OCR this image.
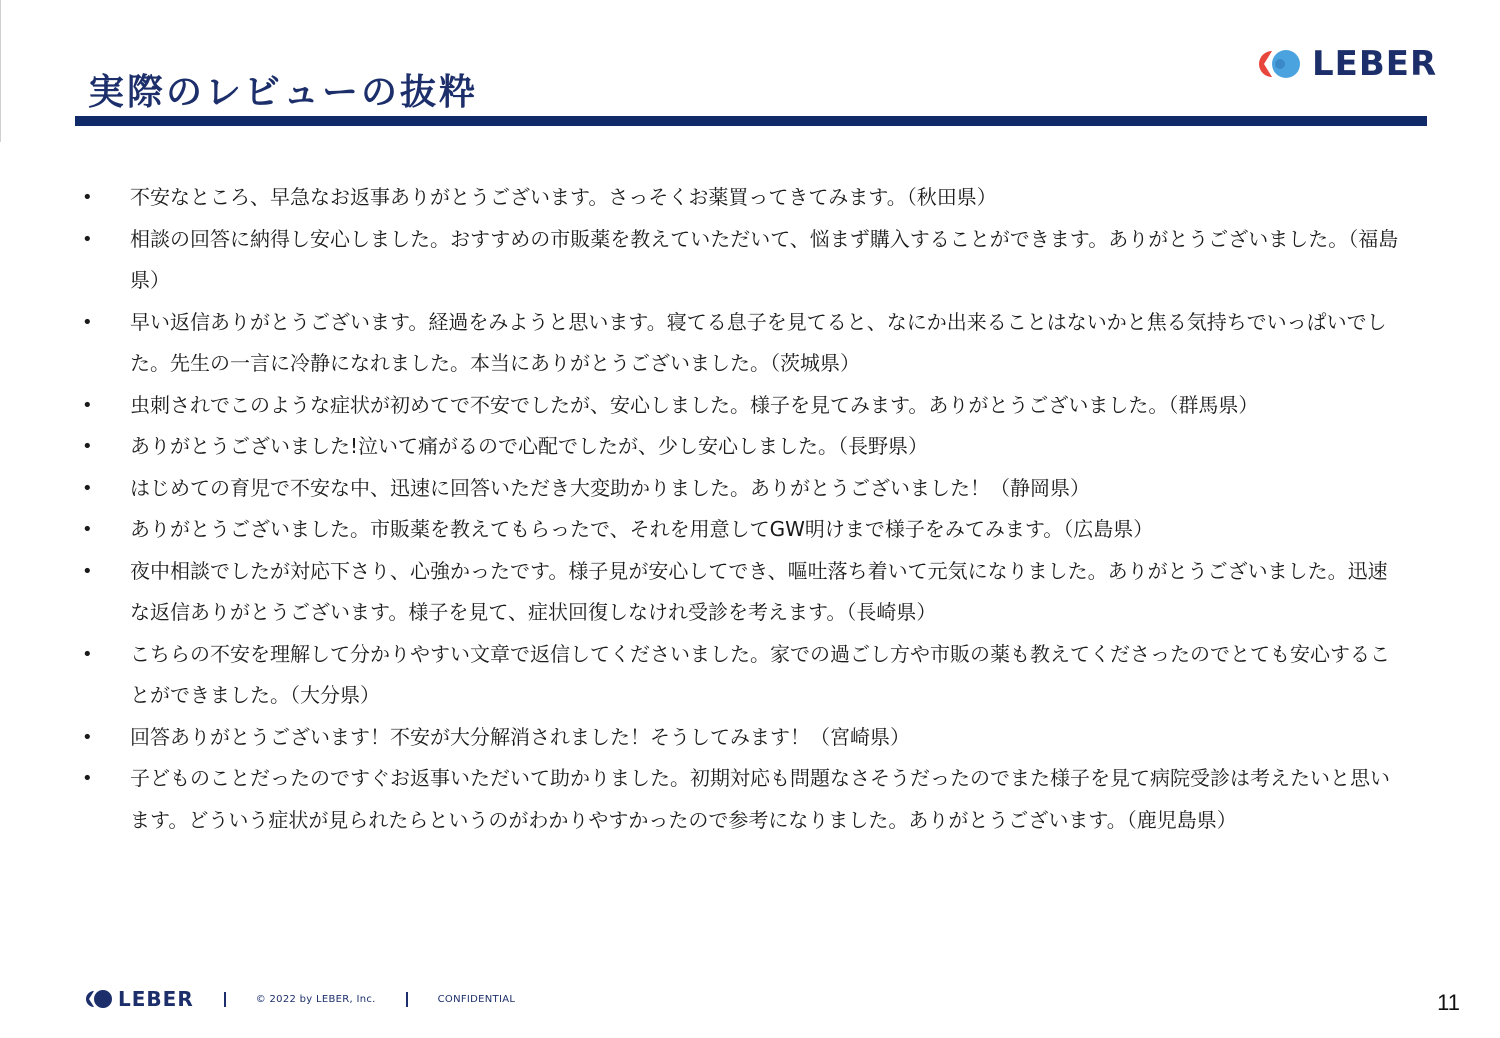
実際のレビューの抜粋
LEBER
• 不安なところ、早急なお返事ありがとうございます。さっそくお薬買ってきてみます。（秋田県）
• 相談の回答に納得し安心しました。おすすめの市販薬を教えていただいて、悩まず購入することができます。ありがとうございました。（福島県）
• 早い返信ありがとうございます。経過をみようと思います。寝てる息子を見てると、なにか出来ることはないかと焦る気持ちでいっぱいでした。先生の一言に冷静になれました。本当にありがとうございました。（茨城県）
• 虫刺されでこのような症状が初めてで不安でしたが、安心しました。様子を見てみます。ありがとうございました。（群馬県）
• ありがとうございました!泣いて痛がるので心配でしたが、少し安心しました。（長野県）
• はじめての育児で不安な中、迅速に回答いただき大変助かりました。ありがとうございました！（静岡県）
• ありがとうございました。市販薬を教えてもらったで、それを用意してGW明けまで様子をみてみます。（広島県）
• 夜中相談でしたが対応下さり、心強かったです。様子見が安心してでき、嘔吐落ち着いて元気になりました。ありがとうございました。迅速な返信ありがとうございます。様子を見て、症状回復しなけれ受診を考えます。（長崎県）
• こちらの不安を理解して分かりやすい文章で返信してくださいました。家での過ごし方や市販の薬も教えてくださったのでとても安心することができました。（大分県）
• 回答ありがとうございます！不安が大分解消されました！そうしてみます！（宮崎県）
• 子どものことだったのですぐお返事いただいて助かりました。初期対応も問題なさそうだったのでまた様子を見て病院受診は考えたいと思います。どういう症状が見られたらというのがわかりやすかったので参考になりました。ありがとうございます。（鹿児島県）
LEBER	© 2022 by LEBER, Inc.	CONFIDENTIAL	11
